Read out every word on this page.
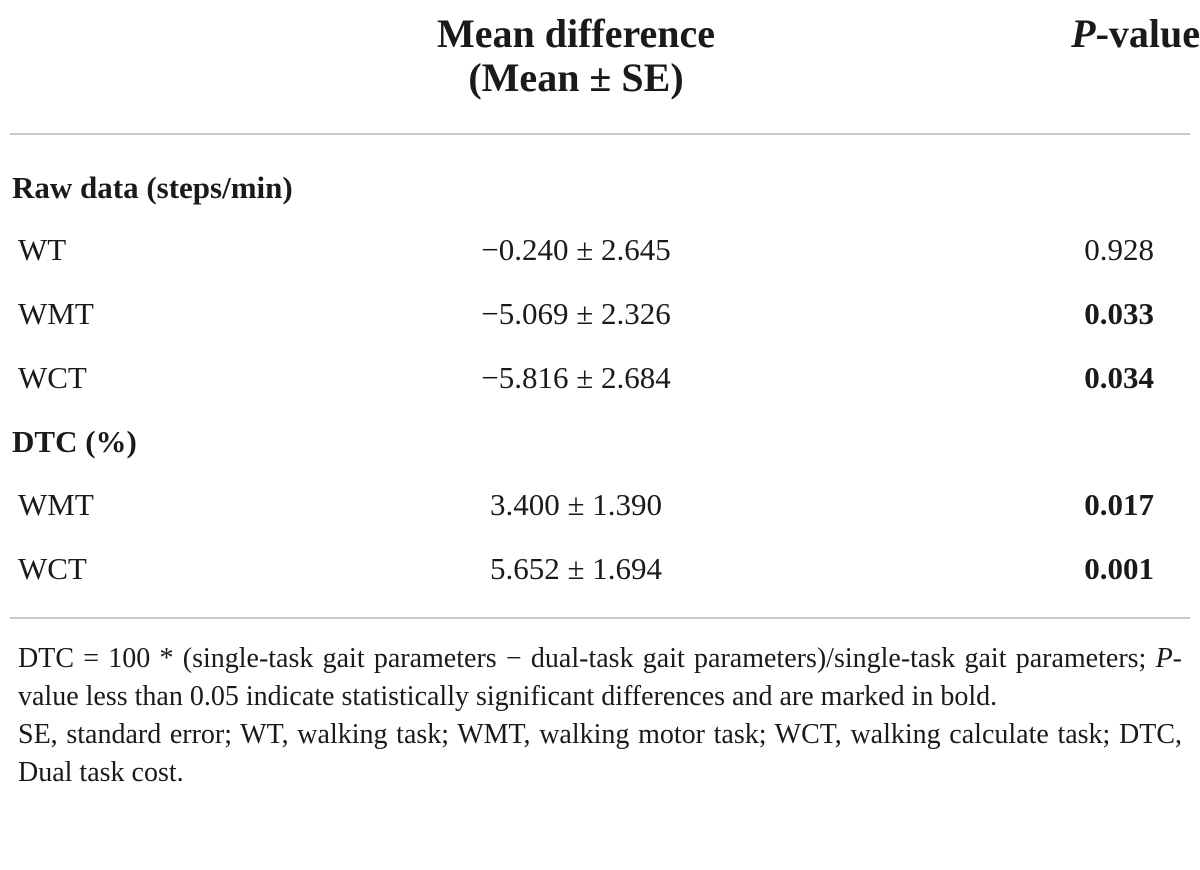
Mean difference
(Mean ± SE)
P-value
Raw data (steps/min)
WT	−0.240 ± 2.645	0.928
WMT	−5.069 ± 2.326	0.033
WCT	−5.816 ± 2.684	0.034
DTC (%)
WMT	3.400 ± 1.390	0.017
WCT	5.652 ± 1.694	0.001

DTC = 100 * (single-task gait parameters − dual-task gait parameters)/single-task gait parameters; P-value less than 0.05 indicate statistically significant differences and are marked in bold.

SE, standard error; WT, walking task; WMT, walking motor task; WCT, walking calculate task; DTC, Dual task cost.
